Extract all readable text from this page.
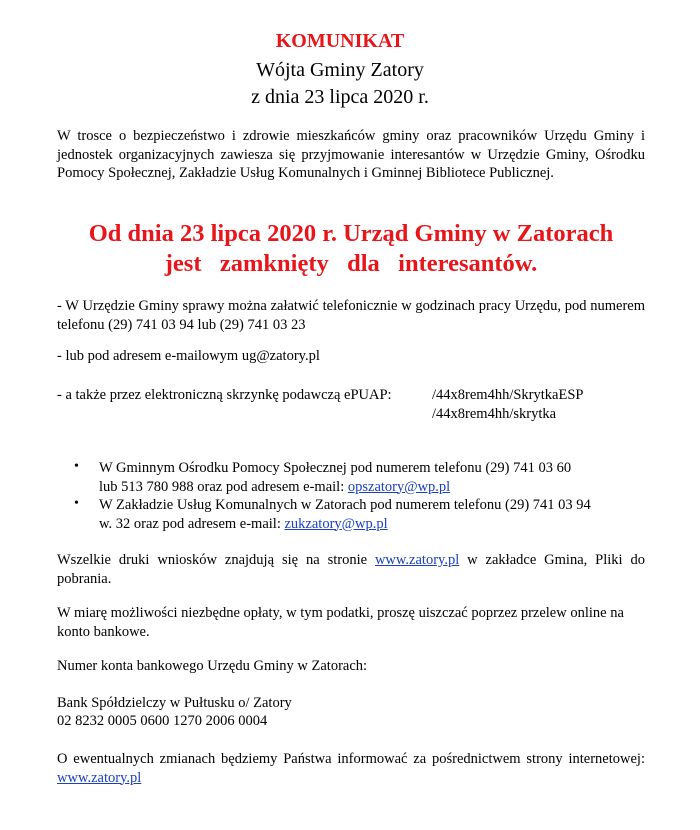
KOMUNIKAT
Wójta Gminy Zatory
z dnia 23 lipca 2020 r.

W trosce o bezpieczeństwo i zdrowie mieszkańców gminy oraz pracowników Urzędu Gminy i jednostek organizacyjnych zawiesza się przyjmowanie interesantów w Urzędzie Gminy, Ośrodku Pomocy Społecznej, Zakładzie Usług Komunalnych i Gminnej Bibliotece Publicznej.

Od dnia 23 lipca 2020 r. Urząd Gminy w Zatorach
jest   zamknięty   dla   interesantów.

- W Urzędzie Gminy sprawy można załatwić telefonicznie w godzinach pracy Urzędu, pod numerem telefonu (29) 741 03 94 lub (29) 741 03 23

- lub pod adresem e-mailowym ug@zatory.pl

- a także przez elektroniczną skrzynkę podawczą ePUAP:	/44x8rem4hh/SkrytkaESP
/44x8rem4hh/skrytka
• W Gminnym Ośrodku Pomocy Społecznej pod numerem telefonu (29) 741 03 60
lub 513 780 988 oraz pod adresem e-mail: opszatory@wp.pl
• W Zakładzie Usług Komunalnych w Zatorach pod numerem telefonu (29) 741 03 94
w. 32 oraz pod adresem e-mail: zukzatory@wp.pl

Wszelkie druki wniosków znajdują się na stronie www.zatory.pl w zakładce Gmina, Pliki do pobrania.

W miarę możliwości niezbędne opłaty, w tym podatki, proszę uiszczać poprzez przelew online na konto bankowe.

Numer konta bankowego Urzędu Gminy w Zatorach:

Bank Spółdzielczy w Pułtusku o/ Zatory

02 8232 0005 0600 1270 2006 0004

O ewentualnych zmianach będziemy Państwa informować za pośrednictwem strony internetowej: www.zatory.pl
